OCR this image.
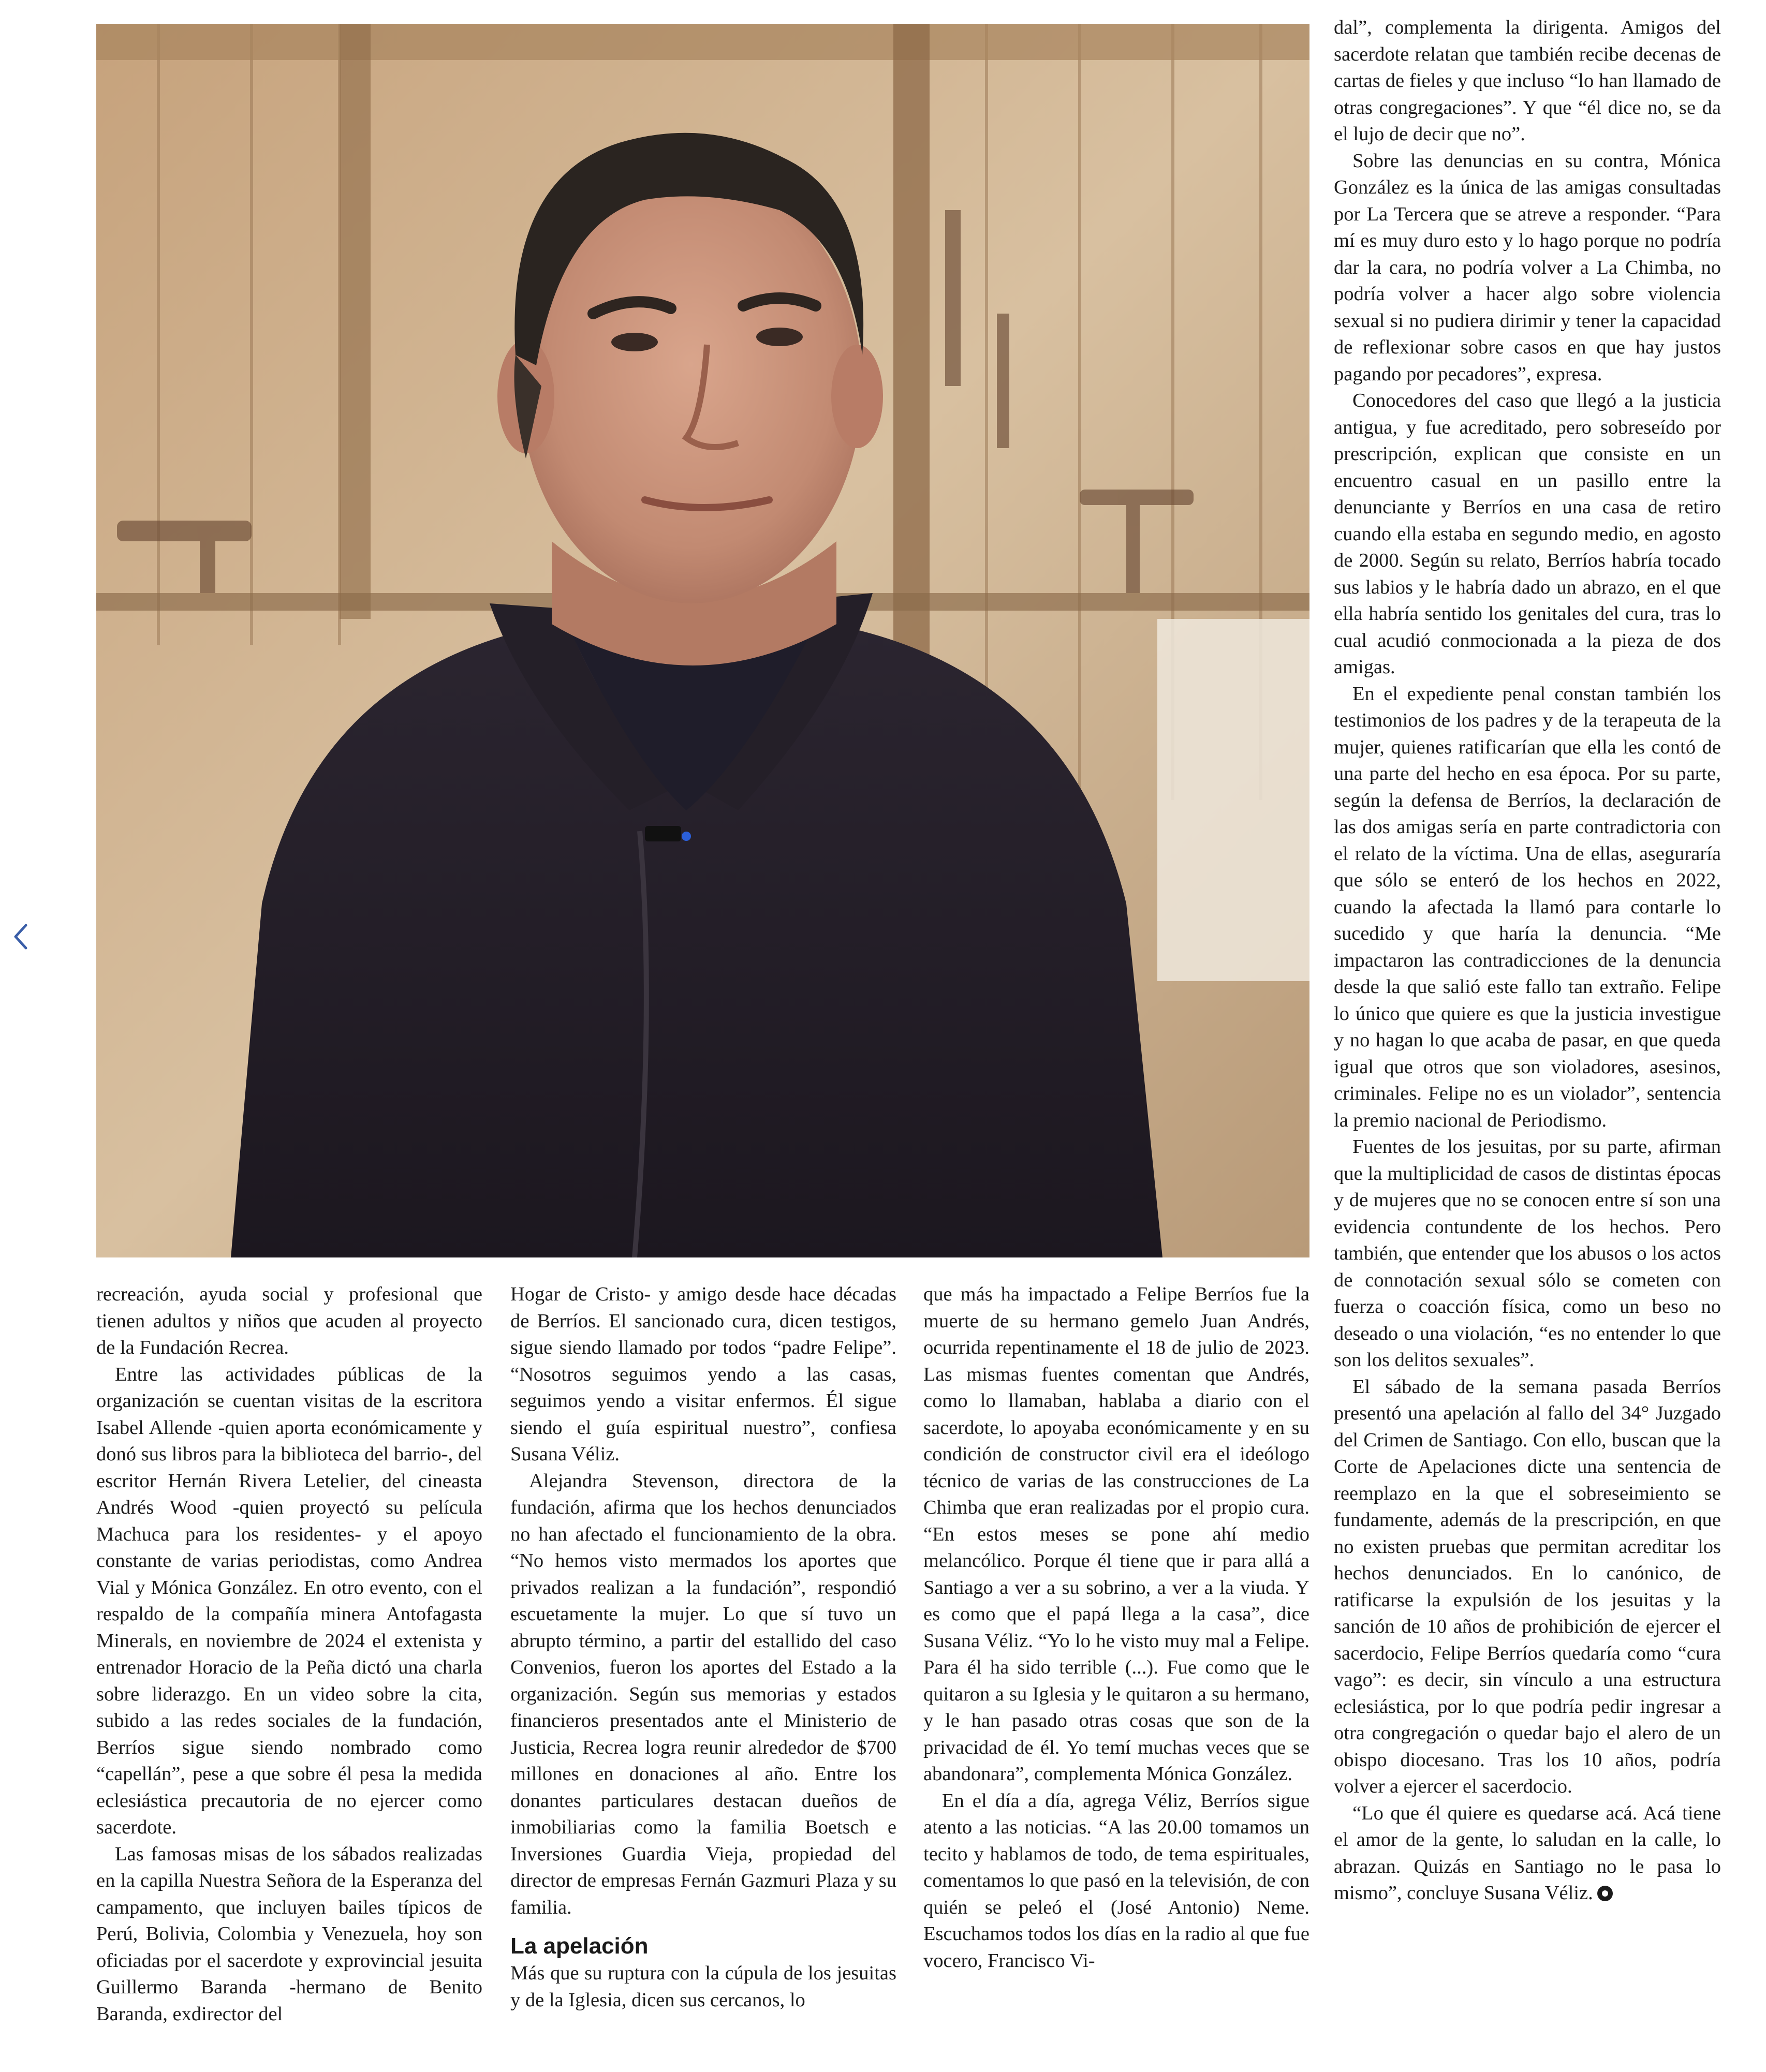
recreación, ayuda social y profesional que tienen adultos y niños que acuden al proyecto de la Fundación Recrea.

Entre las actividades públicas de la organización se cuentan visitas de la escritora Isabel Allende -quien aporta económicamente y donó sus libros para la biblioteca del barrio-, del escritor Hernán Rivera Letelier, del cineasta Andrés Wood -quien proyectó su película Machuca para los residentes- y el apoyo constante de varias periodistas, como Andrea Vial y Mónica González. En otro evento, con el respaldo de la compañía minera Antofagasta Minerals, en noviembre de 2024 el extenista y entrenador Horacio de la Peña dictó una charla sobre liderazgo. En un video sobre la cita, subido a las redes sociales de la fundación, Berríos sigue siendo nombrado como “capellán”, pese a que sobre él pesa la medida eclesiástica precautoria de no ejercer como sacerdote.

Las famosas misas de los sábados realizadas en la capilla Nuestra Señora de la Esperanza del campamento, que incluyen bailes típicos de Perú, Bolivia, Colombia y Venezuela, hoy son oficiadas por el sacerdote y exprovincial jesuita Guillermo Baranda -hermano de Benito Baranda, exdirector del

Hogar de Cristo- y amigo desde hace décadas de Berríos. El sancionado cura, dicen testigos, sigue siendo llamado por todos “padre Felipe”. “Nosotros seguimos yendo a las casas, seguimos yendo a visitar enfermos. Él sigue siendo el guía espiritual nuestro”, confiesa Susana Véliz.

Alejandra Stevenson, directora de la fundación, afirma que los hechos denunciados no han afectado el funcionamiento de la obra. “No hemos visto mermados los aportes que privados realizan a la fundación”, respondió escuetamente la mujer. Lo que sí tuvo un abrupto término, a partir del estallido del caso Convenios, fueron los aportes del Estado a la organización. Según sus memorias y estados financieros presentados ante el Ministerio de Justicia, Recrea logra reunir alrededor de $700 millones en donaciones al año. Entre los donantes particulares destacan dueños de inmobiliarias como la familia Boetsch e Inversiones Guardia Vieja, propiedad del director de empresas Fernán Gazmuri Plaza y su familia.

La apelación

Más que su ruptura con la cúpula de los jesuitas y de la Iglesia, dicen sus cercanos, lo

que más ha impactado a Felipe Berríos fue la muerte de su hermano gemelo Juan Andrés, ocurrida repentinamente el 18 de julio de 2023. Las mismas fuentes comentan que Andrés, como lo llamaban, hablaba a diario con el sacerdote, lo apoyaba económicamente y en su condición de constructor civil era el ideólogo técnico de varias de las construcciones de La Chimba que eran realizadas por el propio cura. “En estos meses se pone ahí medio melancólico. Porque él tiene que ir para allá a Santiago a ver a su sobrino, a ver a la viuda. Y es como que el papá llega a la casa”, dice Susana Véliz. “Yo lo he visto muy mal a Felipe. Para él ha sido terrible (...). Fue como que le quitaron a su Iglesia y le quitaron a su hermano, y le han pasado otras cosas que son de la privacidad de él. Yo temí muchas veces que se abandonara”, complementa Mónica González.

En el día a día, agrega Véliz, Berríos sigue atento a las noticias. “A las 20.00 tomamos un tecito y hablamos de todo, de tema espirituales, comentamos lo que pasó en la televisión, de con quién se peleó el (José Antonio) Neme. Escuchamos todos los días en la radio al que fue vocero, Francisco Vi-

dal”, complementa la dirigenta. Amigos del sacerdote relatan que también recibe decenas de cartas de fieles y que incluso “lo han llamado de otras congregaciones”. Y que “él dice no, se da el lujo de decir que no”.

Sobre las denuncias en su contra, Mónica González es la única de las amigas consultadas por La Tercera que se atreve a responder. “Para mí es muy duro esto y lo hago porque no podría dar la cara, no podría volver a La Chimba, no podría volver a hacer algo sobre violencia sexual si no pudiera dirimir y tener la capacidad de reflexionar sobre casos en que hay justos pagando por pecadores”, expresa.

Conocedores del caso que llegó a la justicia antigua, y fue acreditado, pero sobreseído por prescripción, explican que consiste en un encuentro casual en un pasillo entre la denunciante y Berríos en una casa de retiro cuando ella estaba en segundo medio, en agosto de 2000. Según su relato, Berríos habría tocado sus labios y le habría dado un abrazo, en el que ella habría sentido los genitales del cura, tras lo cual acudió conmocionada a la pieza de dos amigas.

En el expediente penal constan también los testimonios de los padres y de la terapeuta de la mujer, quienes ratificarían que ella les contó de una parte del hecho en esa época. Por su parte, según la defensa de Berríos, la declaración de las dos amigas sería en parte contradictoria con el relato de la víctima. Una de ellas, aseguraría que sólo se enteró de los hechos en 2022, cuando la afectada la llamó para contarle lo sucedido y que haría la denuncia. “Me impactaron las contradicciones de la denuncia desde la que salió este fallo tan extraño. Felipe lo único que quiere es que la justicia investigue y no hagan lo que acaba de pasar, en que queda igual que otros que son violadores, asesinos, criminales. Felipe no es un violador”, sentencia la premio nacional de Periodismo.

Fuentes de los jesuitas, por su parte, afirman que la multiplicidad de casos de distintas épocas y de mujeres que no se conocen entre sí son una evidencia contundente de los hechos. Pero también, que entender que los abusos o los actos de connotación sexual sólo se cometen con fuerza o coacción física, como un beso no deseado o una violación, “es no entender lo que son los delitos sexuales”.

El sábado de la semana pasada Berríos presentó una apelación al fallo del 34° Juzgado del Crimen de Santiago. Con ello, buscan que la Corte de Apelaciones dicte una sentencia de reemplazo en la que el sobreseimiento se fundamente, además de la prescripción, en que no existen pruebas que permitan acreditar los hechos denunciados. En lo canónico, de ratificarse la expulsión de los jesuitas y la sanción de 10 años de prohibición de ejercer el sacerdocio, Felipe Berríos quedaría como “cura vago”: es decir, sin vínculo a una estructura eclesiástica, por lo que podría pedir ingresar a otra congregación o quedar bajo el alero de un obispo diocesano. Tras los 10 años, podría volver a ejercer el sacerdocio.

“Lo que él quiere es quedarse acá. Acá tiene el amor de la gente, lo saludan en la calle, lo abrazan. Quizás en Santiago no le pasa lo mismo”, concluye Susana Véliz.
